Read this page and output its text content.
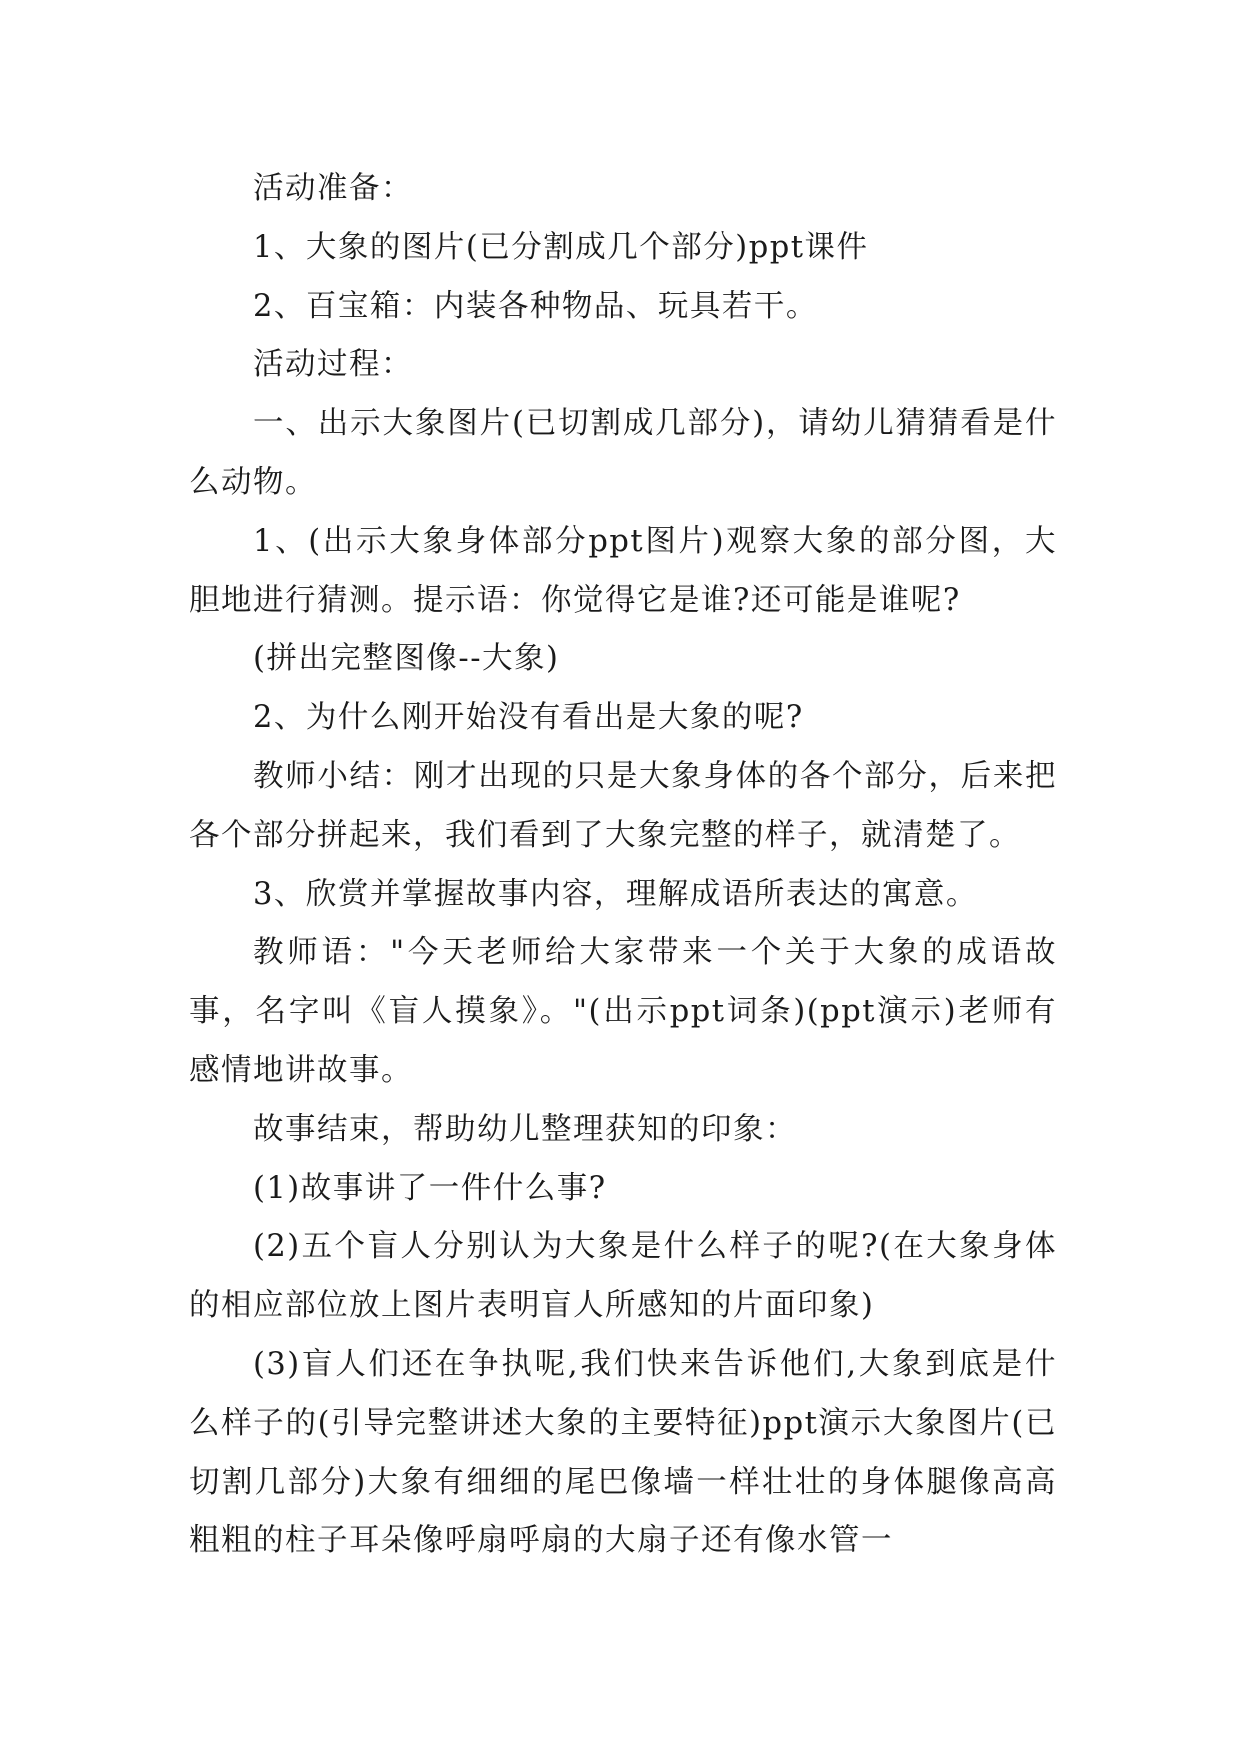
活动准备：

1、大象的图片(已分割成几个部分)ppt课件

2、百宝箱：内装各种物品、玩具若干。

活动过程：

一、出示大象图片(已切割成几部分)，请幼儿猜猜看是什么动物。

1、(出示大象身体部分ppt图片)观察大象的部分图，大胆地进行猜测。提示语：你觉得它是谁?还可能是谁呢?

(拼出完整图像--大象)

2、为什么刚开始没有看出是大象的呢?

教师小结：刚才出现的只是大象身体的各个部分，后来把各个部分拼起来，我们看到了大象完整的样子，就清楚了。

3、欣赏并掌握故事内容，理解成语所表达的寓意。

教师语："今天老师给大家带来一个关于大象的成语故事，名字叫《盲人摸象》。"(出示ppt词条)(ppt演示)老师有感情地讲故事。

故事结束，帮助幼儿整理获知的印象：

(1)故事讲了一件什么事?

(2)五个盲人分别认为大象是什么样子的呢?(在大象身体的相应部位放上图片表明盲人所感知的片面印象)

(3)盲人们还在争执呢,我们快来告诉他们,大象到底是什么样子的(引导完整讲述大象的主要特征)ppt演示大象图片(已切割几部分)大象有细细的尾巴像墙一样壮壮的身体腿像高高粗粗的柱子耳朵像呼扇呼扇的大扇子还有像水管一
